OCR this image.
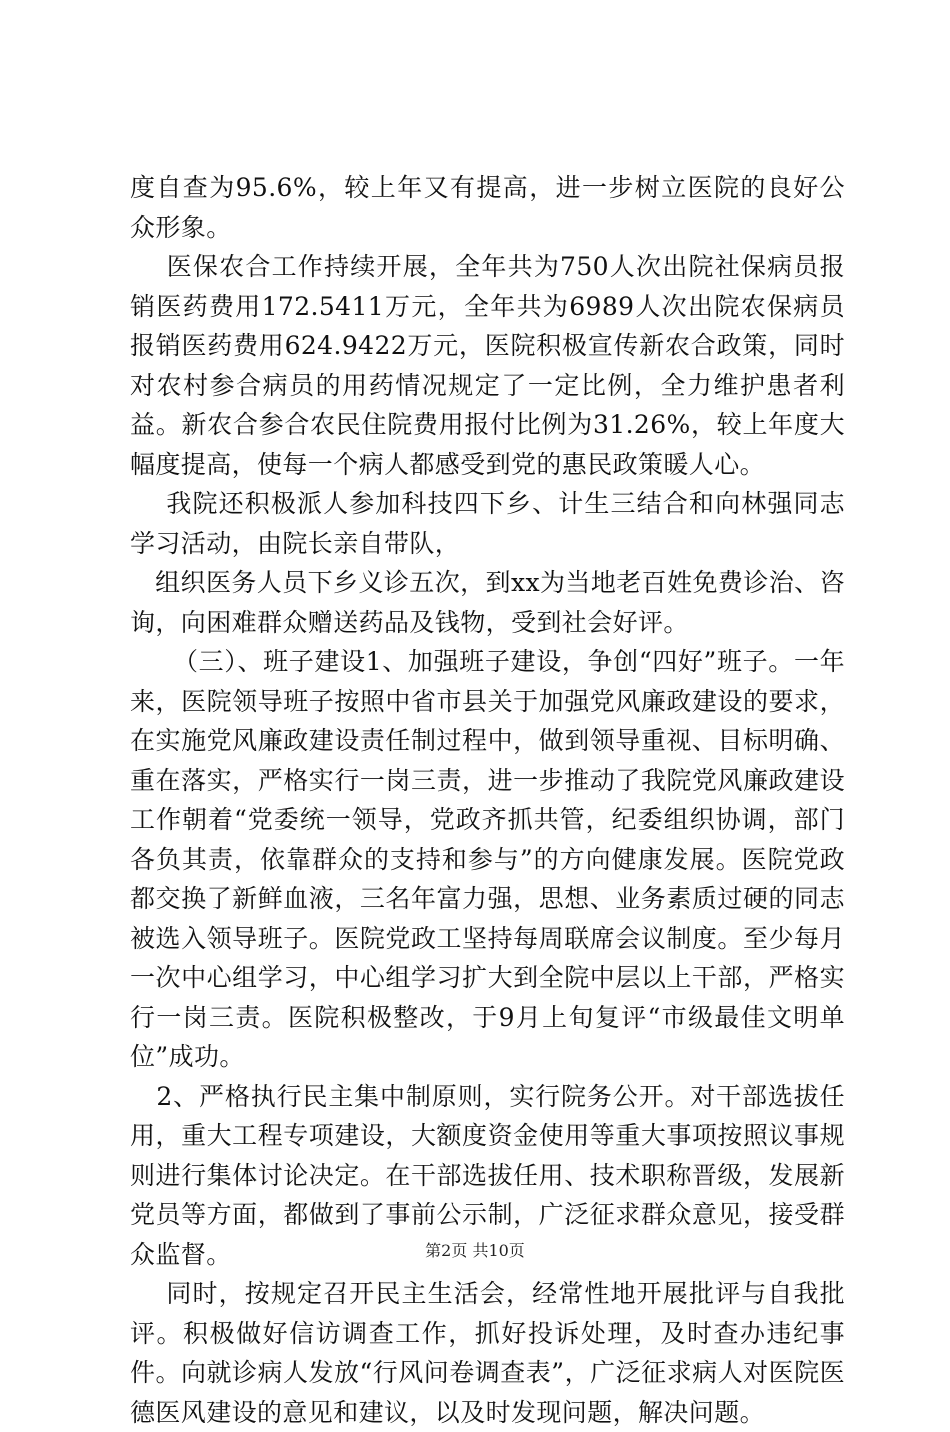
度自查为95.6%，较上年又有提高，进一步树立医院的良好公众形象。

医保农合工作持续开展，全年共为750人次出院社保病员报销医药费用172.5411万元，全年共为6989人次出院农保病员报销医药费用624.9422万元，医院积极宣传新农合政策，同时对农村参合病员的用药情况规定了一定比例，全力维护患者利益。新农合参合农民住院费用报付比例为31.26%，较上年度大幅度提高，使每一个病人都感受到党的惠民政策暖人心。

我院还积极派人参加科技四下乡、计生三结合和向林强同志学习活动，由院长亲自带队，

组织医务人员下乡义诊五次，到xx为当地老百姓免费诊治、咨询，向困难群众赠送药品及钱物，受到社会好评。

（三）、班子建设1、加强班子建设，争创“四好”班子。一年来，医院领导班子按照中省市县关于加强党风廉政建设的要求，在实施党风廉政建设责任制过程中，做到领导重视、目标明确、重在落实，严格实行一岗三责，进一步推动了我院党风廉政建设工作朝着“党委统一领导，党政齐抓共管，纪委组织协调，部门各负其责，依靠群众的支持和参与”的方向健康发展。医院党政都交换了新鲜血液，三名年富力强，思想、业务素质过硬的同志被选入领导班子。医院党政工坚持每周联席会议制度。至少每月一次中心组学习，中心组学习扩大到全院中层以上干部，严格实行一岗三责。医院积极整改，于9月上旬复评“市级最佳文明单位”成功。

2、严格执行民主集中制原则，实行院务公开。对干部选拔任用，重大工程专项建设，大额度资金使用等重大事项按照议事规则进行集体讨论决定。在干部选拔任用、技术职称晋级，发展新党员等方面，都做到了事前公示制，广泛征求群众意见，接受群众监督。

同时，按规定召开民主生活会，经常性地开展批评与自我批评。积极做好信访调查工作，抓好投诉处理，及时查办违纪事件。向就诊病人发放“行风问卷调查表”，广泛征求病人对医院医德医风建设的意见和建议，以及时发现问题，解决问题。

第2页 共10页
